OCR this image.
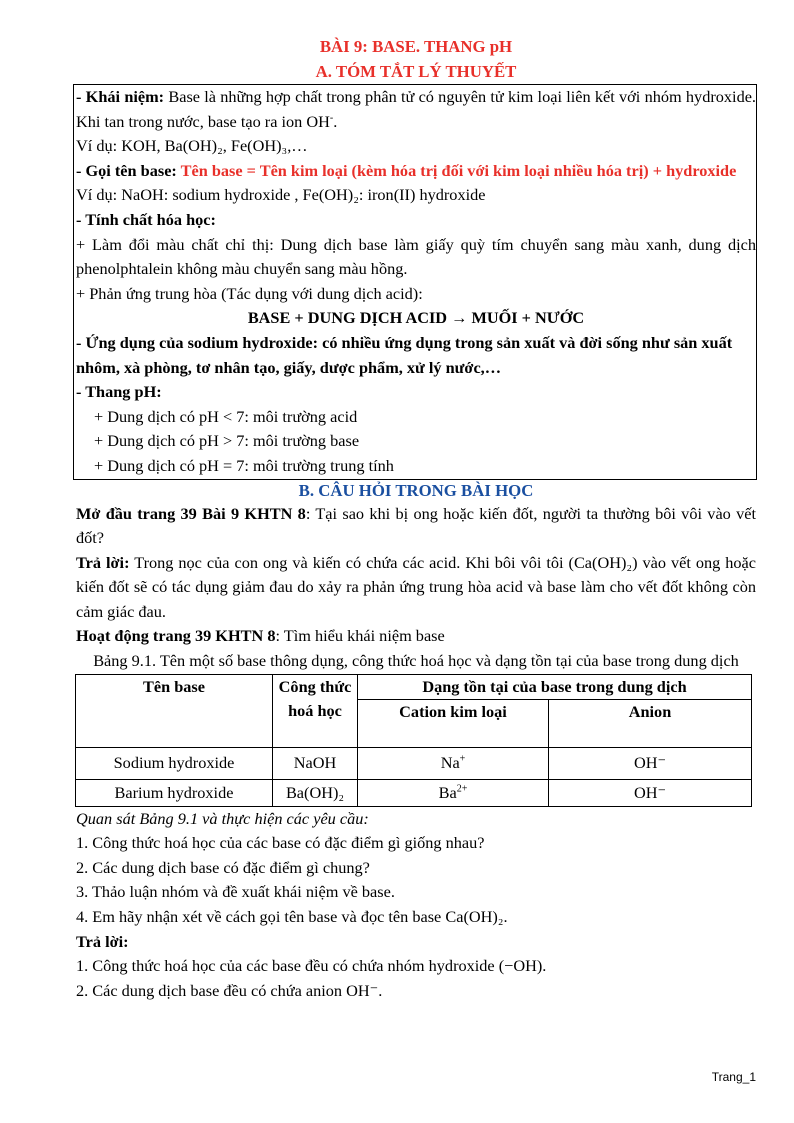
BÀI 9: BASE. THANG pH
A. TÓM TẮT LÝ THUYẾT

- Khái niệm: Base là những hợp chất trong phân tử có nguyên tử kim loại liên kết với nhóm hydroxide. Khi tan trong nước, base tạo ra ion OH-.

Ví dụ: KOH, Ba(OH)₂, Fe(OH)₃,…

- Gọi tên base: Tên base = Tên kim loại (kèm hóa trị đối với kim loại nhiều hóa trị) + hydroxide

Ví dụ: NaOH: sodium hydroxide , Fe(OH)₂: iron(II) hydroxide

- Tính chất hóa học:

+ Làm đổi màu chất chỉ thị: Dung dịch base làm giấy quỳ tím chuyển sang màu xanh, dung dịch phenolphtalein không màu chuyển sang màu hồng.

+ Phản ứng trung hòa (Tác dụng với dung dịch acid):

BASE + DUNG DỊCH ACID → MUỐI + NƯỚC

- Ứng dụng của sodium hydroxide: có nhiều ứng dụng trong sản xuất và đời sống như sản xuất nhôm, xà phòng, tơ nhân tạo, giấy, dược phẩm, xử lý nước,…

- Thang pH:

+ Dung dịch có pH < 7: môi trường acid

+ Dung dịch có pH > 7: môi trường base

+ Dung dịch có pH = 7: môi trường trung tính

B. CÂU HỎI TRONG BÀI HỌC

Mở đầu trang 39 Bài 9 KHTN 8: Tại sao khi bị ong hoặc kiến đốt, người ta thường bôi vôi vào vết đốt?

Trả lời: Trong nọc của con ong và kiến có chứa các acid. Khi bôi vôi tôi (Ca(OH)₂) vào vết ong hoặc kiến đốt sẽ có tác dụng giảm đau do xảy ra phản ứng trung hòa acid và base làm cho vết đốt không còn cảm giác đau.

Hoạt động trang 39 KHTN 8: Tìm hiểu khái niệm base

Bảng 9.1. Tên một số base thông dụng, công thức hoá học và dạng tồn tại của base trong dung dịch

Tên base	Công thức hoá học	Dạng tồn tại của base trong dung dịch	
		Cation kim loại	Anion
Sodium hydroxide	NaOH	Na+	OH⁻
Barium hydroxide	Ba(OH)₂	$Ba^{2+}$	OH⁻

Quan sát Bảng 9.1 và thực hiện các yêu cầu:

1. Công thức hoá học của các base có đặc điểm gì giống nhau?

2. Các dung dịch base có đặc điểm gì chung?

3. Thảo luận nhóm và đề xuất khái niệm về base.

4. Em hãy nhận xét về cách gọi tên base và đọc tên base Ca(OH)₂.

Trả lời:

1. Công thức hoá học của các base đều có chứa nhóm hydroxide (−OH).

2. Các dung dịch base đều có chứa anion OH⁻.

Trang_1
